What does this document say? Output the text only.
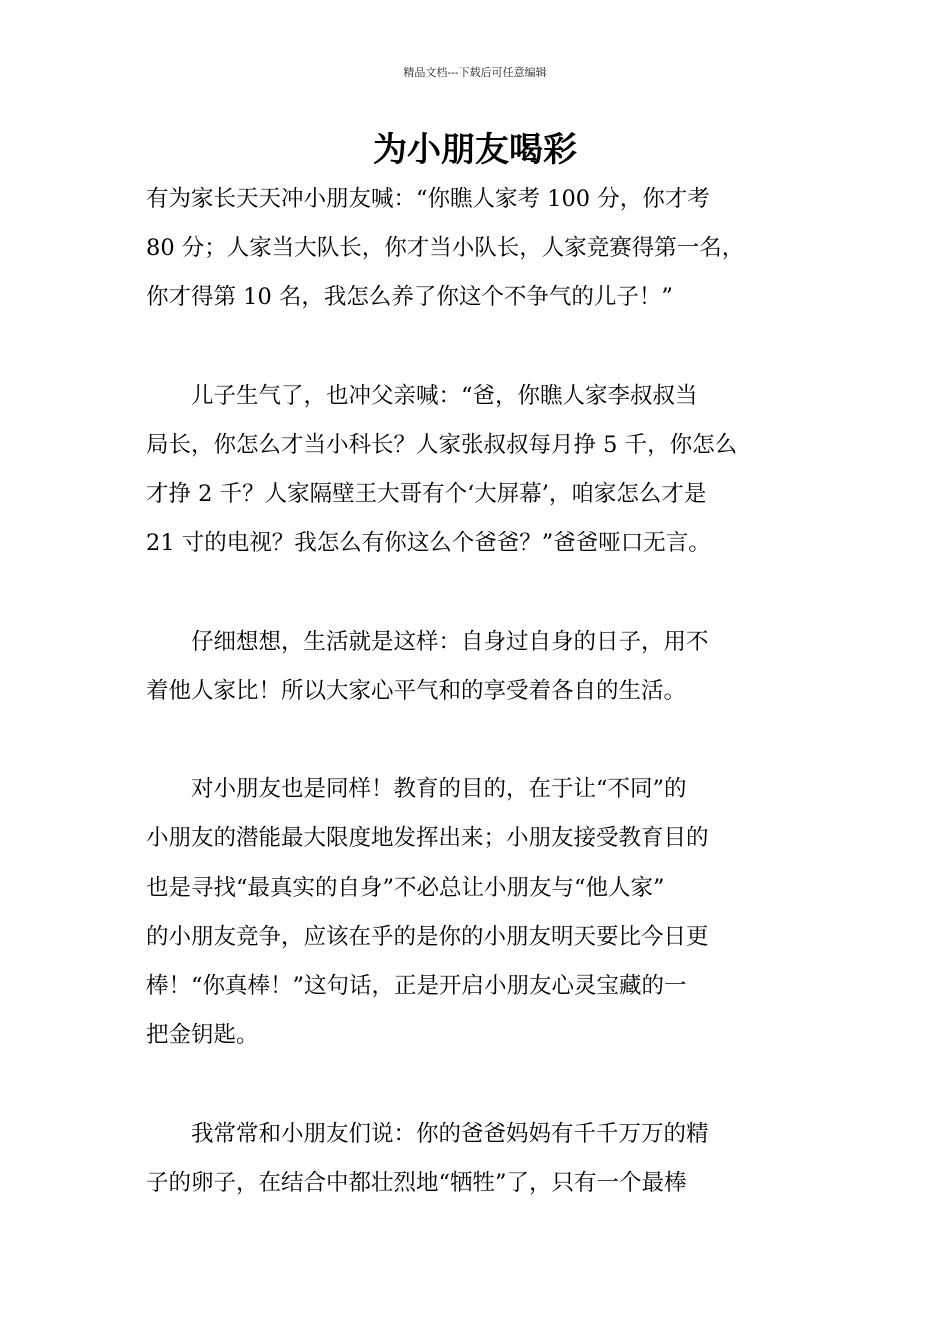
精品文档---下载后可任意编辑
为小朋友喝彩
有为家长天天冲小朋友喊：“你瞧人家考 100 分，你才考
80 分；人家当大队长，你才当小队长，人家竞赛得第一名，
你才得第 10 名，我怎么养了你这个不争气的儿子！”
　　儿子生气了，也冲父亲喊：“爸，你瞧人家李叔叔当
局长，你怎么才当小科长？人家张叔叔每月挣 5 千，你怎么
才挣 2 千？人家隔壁王大哥有个‘大屏幕’，咱家怎么才是
21 寸的电视？我怎么有你这么个爸爸？”爸爸哑口无言。
　　仔细想想，生活就是这样：自身过自身的日子，用不
着他人家比！所以大家心平气和的享受着各自的生活。
　　对小朋友也是同样！教育的目的，在于让“不同”的
小朋友的潜能最大限度地发挥出来；小朋友接受教育目的
也是寻找“最真实的自身”不必总让小朋友与“他人家”
的小朋友竞争，应该在乎的是你的小朋友明天要比今日更
棒！“你真棒！”这句话，正是开启小朋友心灵宝藏的一
把金钥匙。
　　我常常和小朋友们说：你的爸爸妈妈有千千万万的精
子的卵子，在结合中都壮烈地“牺牲”了，只有一个最棒
